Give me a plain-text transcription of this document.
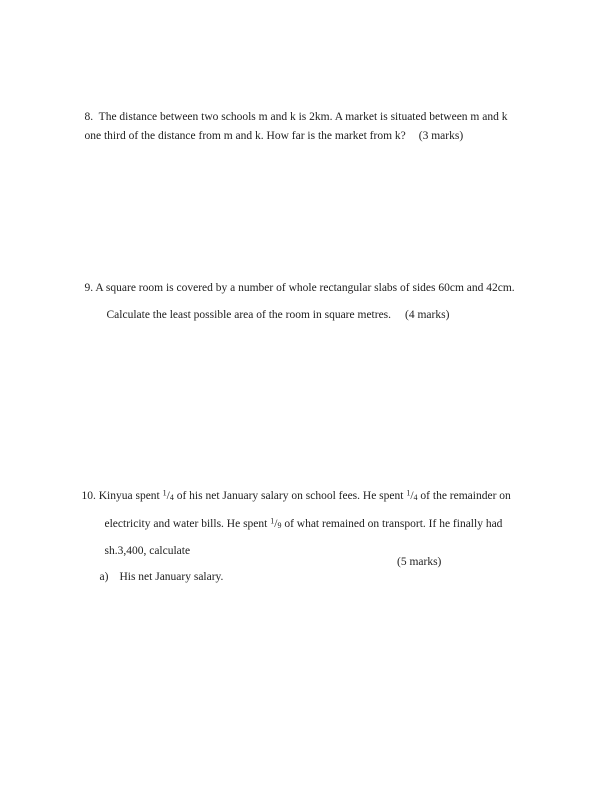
8.  The distance between two schools m and k is 2km. A market is situated between m and k

one third of the distance from m and k. How far is the market from k? (3 marks)

9. A square room is covered by a number of whole rectangular slabs of sides 60cm and 42cm.

Calculate the least possible area of the room in square metres. (4 marks)

10. Kinyua spent $^1$/4 of his net January salary on school fees. He spent $^1$/4 of the remainder on

electricity and water bills. He spent $^1$/9 of what remained on transport. If he finally had

sh.3,400, calculate

a) His net January salary.
(5 marks)
